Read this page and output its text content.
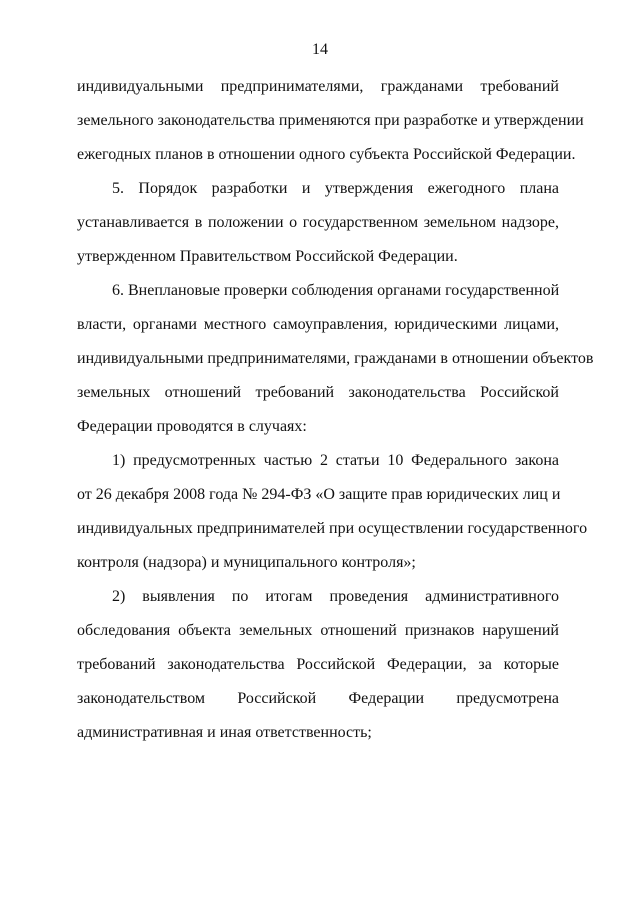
14
индивидуальными предпринимателями, гражданами требований
земельного законодательства применяются при разработке и утверждении
ежегодных планов в отношении одного субъекта Российской Федерации.
5. Порядок разработки и утверждения ежегодного плана
устанавливается в положении о государственном земельном надзоре,
утвержденном Правительством Российской Федерации.
6. Внеплановые проверки соблюдения органами государственной
власти, органами местного самоуправления, юридическими лицами,
индивидуальными предпринимателями, гражданами в отношении объектов
земельных отношений требований законодательства Российской
Федерации проводятся в случаях:
1) предусмотренных частью 2 статьи 10 Федерального закона
от 26 декабря 2008 года № 294-ФЗ «О защите прав юридических лиц и
индивидуальных предпринимателей при осуществлении государственного
контроля (надзора) и муниципального контроля»;
2) выявления по итогам проведения административного
обследования объекта земельных отношений признаков нарушений
требований законодательства Российской Федерации, за которые
законодательством Российской Федерации предусмотрена
административная и иная ответственность;
